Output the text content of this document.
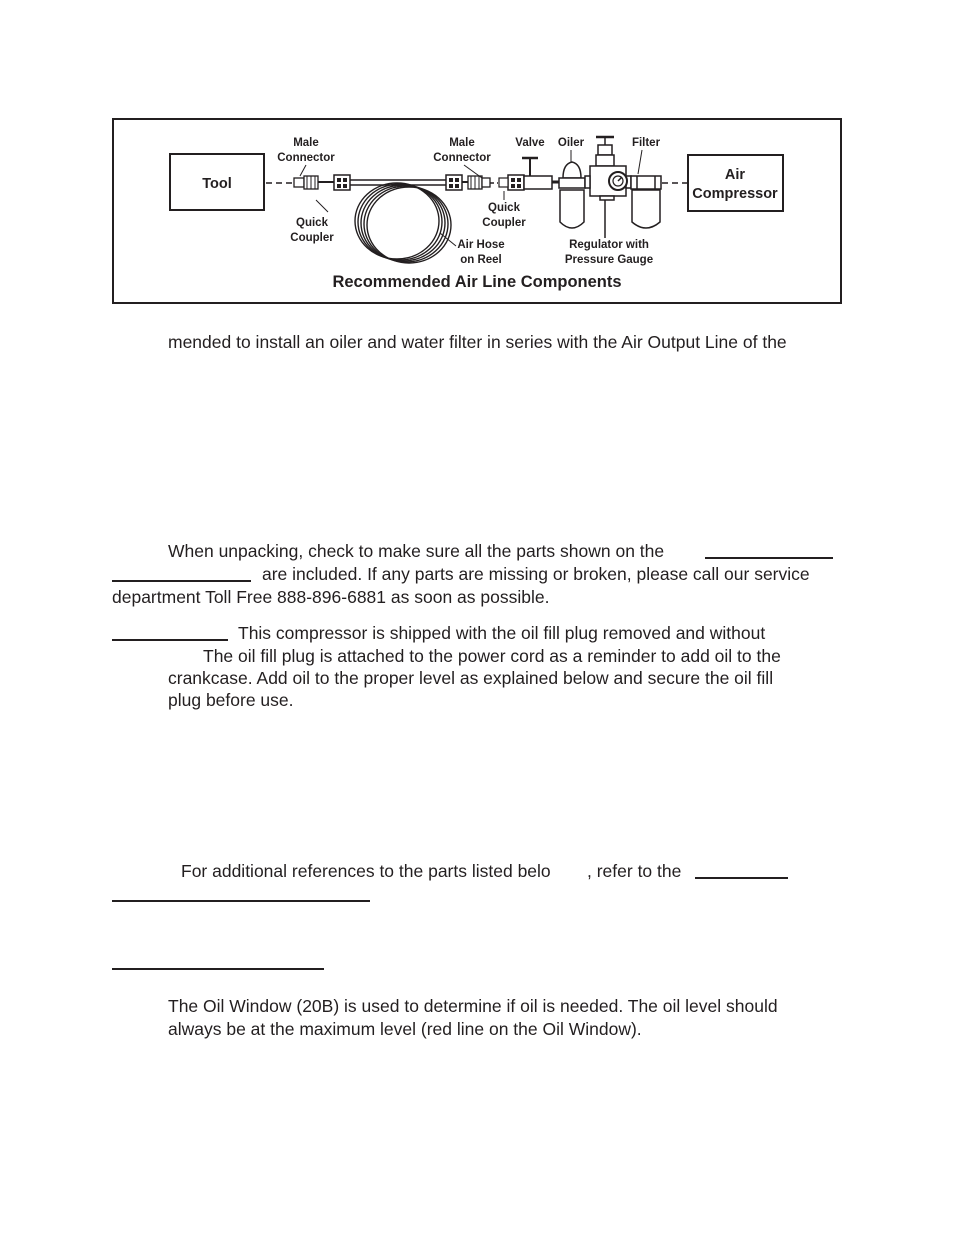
Tool
Air
Compressor
Male
Connector
Male
Connector
Valve Oiler	Filter
Quick
Coupler
Quick
Coupler
Air Hose
on Reel
Regulator with
Pressure Gauge
Recommended Air Line Components
mended to install an oiler and water filter in series with the Air Output Line of the
When unpacking, check to make sure all the parts shown on the
are included. If any parts are missing or broken, please call our service
department Toll Free 888-896-6881 as soon as possible.
This compressor is shipped with the oil fill plug removed and without
The oil fill plug is attached to the power cord as a reminder to add oil to the
crankcase. Add oil to the proper level as explained below and secure the oil fill
plug before use.
For additional references to the parts listed belo , refer to the
The Oil Window (20B) is used to determine if oil is needed. The oil level should
always be at the maximum level (red line on the Oil Window).
